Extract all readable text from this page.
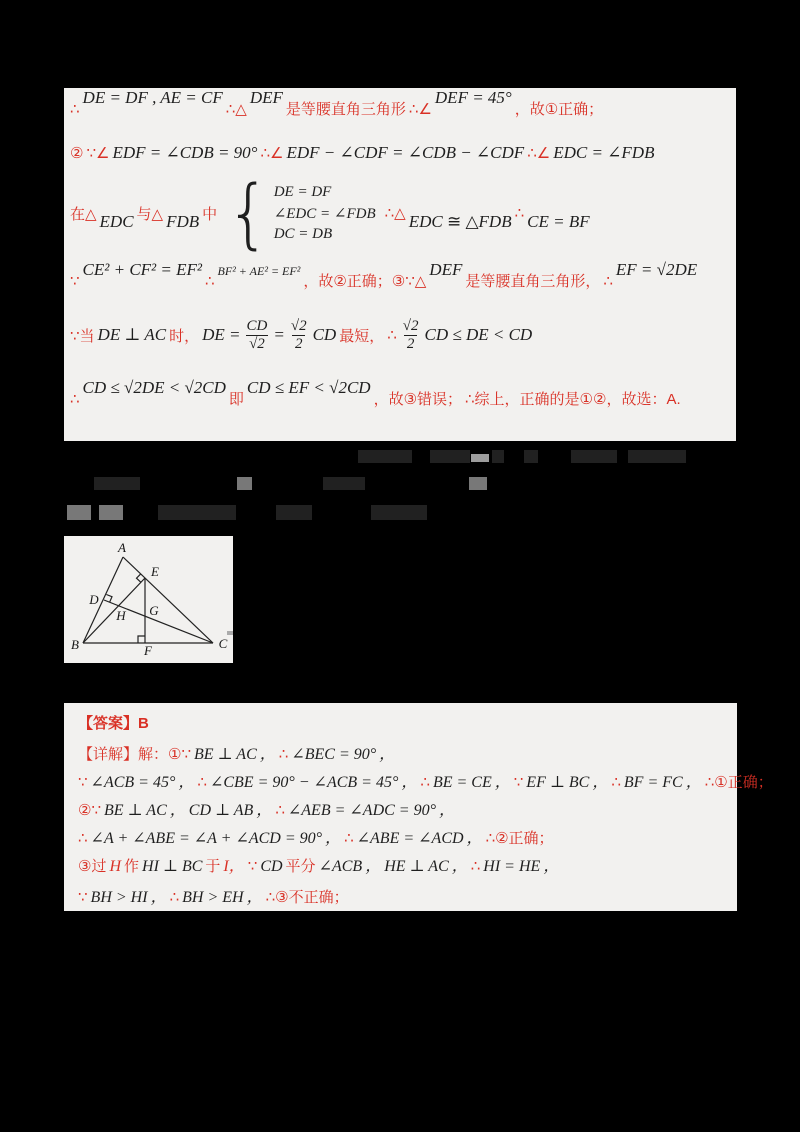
∴
DE = DF , AE = CF
∴△
DEF
是等腰直角三角形 ∴∠
DEF = 45°
，故①正确；
② ∵∠ EDF = ∠CDB = 90° ∴∠ EDF − ∠CDF = ∠CDB − ∠CDF ∴∠ EDC = ∠FDB
在△ EDC 与△ FDB 中 { DE = DF
∠EDC = ∠FDB
DC = DB
∴△ EDC ≅ △FDB ∴ CE = BF
∵
CE² + CF² = EF²
∴
BF² + AE² = EF²
，故②正确；③∵△
DEF
是等腰直角三角形， ∴
EF = √2DE
∵当 DE ⊥ AC 时， DE = $\frac{CD}{√2} = \frac{√2}{2}$ CD 最短， ∴ $\frac{√2}{2}$ CD ≤ DE < CD
∴
CD ≤ √2DE < √2CD
即
CD ≤ EF < √2CD
，故③错误； ∴综上，正确的是①②，故选：A.
A
B	C
D
E
F
G
H
【答案】B
【详解】解：①∵ BE ⊥ AC ， ∴ ∠BEC = 90° ，
∵ ∠ACB = 45° ， ∴ ∠CBE = 90° − ∠ACB = 45° ， ∴ BE = CE ， ∵ EF ⊥ BC ， ∴ BF = FC ， ∴①正确；
②∵ BE ⊥ AC ， CD ⊥ AB ， ∴ ∠AEB = ∠ADC = 90° ，
∴ ∠A + ∠ABE = ∠A + ∠ACD = 90° ， ∴ ∠ABE = ∠ACD ， ∴②正确；
③过 H 作 HI ⊥ BC 于 I， ∵ CD 平分 ∠ACB ， HE ⊥ AC ， ∴ HI = HE ，
∵ BH > HI ， ∴ BH > EH ， ∴③不正确；
